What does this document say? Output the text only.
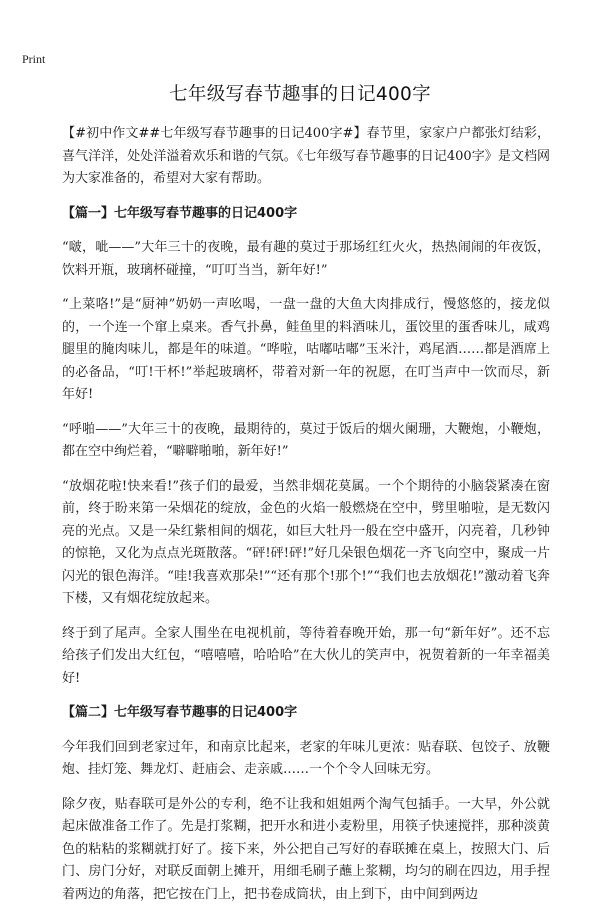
Print
七年级写春节趣事的日记400字

【#初中作文##七年级写春节趣事的日记400字#】春节里，家家户户都张灯结彩，喜气洋洋，处处洋溢着欢乐和谐的气氛。《七年级写春节趣事的日记400字》是文档网为大家准备的，希望对大家有帮助。

【篇一】七年级写春节趣事的日记400字

“啵，呲——”大年三十的夜晚，最有趣的莫过于那场红红火火，热热闹闹的年夜饭，饮料开瓶，玻璃杯碰撞，“叮叮当当，新年好!”

“上菜咯!”是“厨神”奶奶一声吆喝，一盘一盘的大鱼大肉排成行，慢悠悠的，接龙似的，一个连一个窜上桌来。香气扑鼻，鲑鱼里的料酒味儿，蛋饺里的蛋香味儿，咸鸡腿里的腌肉味儿，都是年的味道。“哗啦，咕嘟咕嘟”玉米汁，鸡尾酒……都是酒席上的必备品，“叮!干杯!”举起玻璃杯，带着对新一年的祝愿，在叮当声中一饮而尽，新年好!

“呼啪——”大年三十的夜晚，最期待的，莫过于饭后的烟火阑珊，大鞭炮，小鞭炮，都在空中绚烂着，“噼噼啪啪，新年好!”

“放烟花啦!快来看!”孩子们的最爱，当然非烟花莫属。一个个期待的小脑袋紧凑在窗前，终于盼来第一朵烟花的绽放，金色的火焰一般燃烧在空中，劈里啪啦，是无数闪亮的光点。又是一朵红紫相间的烟花，如巨大牡丹一般在空中盛开，闪亮着，几秒钟的惊艳，又化为点点光斑散落。“砰!砰!砰!”好几朵银色烟花一齐飞向空中，聚成一片闪光的银色海洋。“哇!我喜欢那朵!”“还有那个!那个!”“我们也去放烟花!”激动着飞奔下楼，又有烟花绽放起来。

终于到了尾声。全家人围坐在电视机前，等待着春晚开始，那一句“新年好”。还不忘给孩子们发出大红包，“嘻嘻嘻，哈哈哈”在大伙儿的笑声中，祝贺着新的一年幸福美好!

【篇二】七年级写春节趣事的日记400字

今年我们回到老家过年，和南京比起来，老家的年味儿更浓：贴春联、包饺子、放鞭炮、挂灯笼、舞龙灯、赶庙会、走亲戚……一个个令人回味无穷。

除夕夜，贴春联可是外公的专利，绝不让我和姐姐两个淘气包插手。一大早，外公就起床做准备工作了。先是打浆糊，把开水和进小麦粉里，用筷子快速搅拌，那种淡黄色的粘粘的浆糊就打好了。接下来，外公把自己写好的春联摊在桌上，按照大门、后门、房门分好，对联反面朝上摊开，用细毛刷子蘸上浆糊，均匀的刷在四边，用手捏着两边的角落，把它按在门上，把书卷成筒状，由上到下，由中间到两边
